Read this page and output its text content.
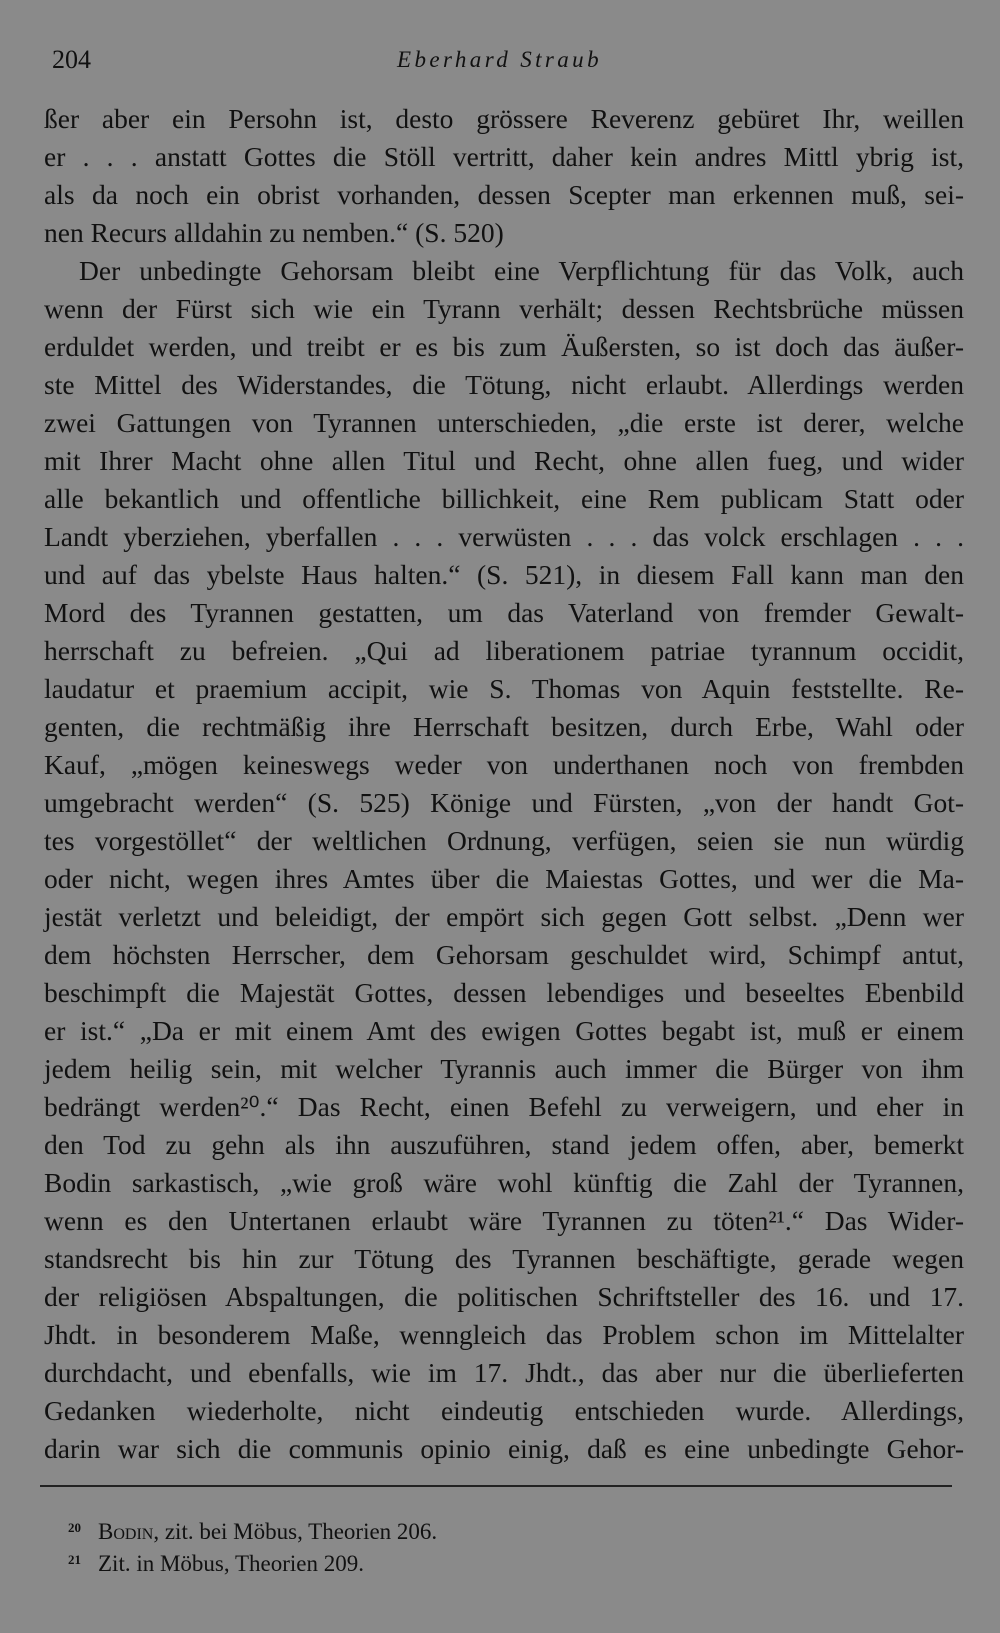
204	Eberhard Straub
ßer aber ein Persohn ist, desto grössere Reverenz gebüret Ihr, weillen
er . . . anstatt Gottes die Stöll vertritt, daher kein andres Mittl ybrig ist,
als da noch ein obrist vorhanden, dessen Scepter man erkennen muß, sei-
nen Recurs alldahin zu nemben.“ (S. 520)
Der unbedingte Gehorsam bleibt eine Verpflichtung für das Volk, auch
wenn der Fürst sich wie ein Tyrann verhält; dessen Rechtsbrüche müssen
erduldet werden, und treibt er es bis zum Äußersten, so ist doch das äußer-
ste Mittel des Widerstandes, die Tötung, nicht erlaubt. Allerdings werden
zwei Gattungen von Tyrannen unterschieden, „die erste ist derer, welche
mit Ihrer Macht ohne allen Titul und Recht, ohne allen fueg, und wider
alle bekantlich und offentliche billichkeit, eine Rem publicam Statt oder
Landt yberziehen, yberfallen . . . verwüsten . . . das volck erschlagen . . .
und auf das ybelste Haus halten.“ (S. 521), in diesem Fall kann man den
Mord des Tyrannen gestatten, um das Vaterland von fremder Gewalt-
herrschaft zu befreien. „Qui ad liberationem patriae tyrannum occidit,
laudatur et praemium accipit, wie S. Thomas von Aquin feststellte. Re-
genten, die rechtmäßig ihre Herrschaft besitzen, durch Erbe, Wahl oder
Kauf, „mögen keineswegs weder von underthanen noch von frembden
umgebracht werden“ (S. 525) Könige und Fürsten, „von der handt Got-
tes vorgestöllet“ der weltlichen Ordnung, verfügen, seien sie nun würdig
oder nicht, wegen ihres Amtes über die Maiestas Gottes, und wer die Ma-
jestät verletzt und beleidigt, der empört sich gegen Gott selbst. „Denn wer
dem höchsten Herrscher, dem Gehorsam geschuldet wird, Schimpf antut,
beschimpft die Majestät Gottes, dessen lebendiges und beseeltes Ebenbild
er ist.“ „Da er mit einem Amt des ewigen Gottes begabt ist, muß er einem
jedem heilig sein, mit welcher Tyrannis auch immer die Bürger von ihm
bedrängt werden²⁰.“ Das Recht, einen Befehl zu verweigern, und eher in
den Tod zu gehn als ihn auszuführen, stand jedem offen, aber, bemerkt
Bodin sarkastisch, „wie groß wäre wohl künftig die Zahl der Tyrannen,
wenn es den Untertanen erlaubt wäre Tyrannen zu töten²¹.“ Das Wider-
standsrecht bis hin zur Tötung des Tyrannen beschäftigte, gerade wegen
der religiösen Abspaltungen, die politischen Schriftsteller des 16. und 17.
Jhdt. in besonderem Maße, wenngleich das Problem schon im Mittelalter
durchdacht, und ebenfalls, wie im 17. Jhdt., das aber nur die überlieferten
Gedanken wiederholte, nicht eindeutig entschieden wurde. Allerdings,
darin war sich die communis opinio einig, daß es eine unbedingte Gehor-
20 Bodin, zit. bei Möbus, Theorien 206.
21 Zit. in Möbus, Theorien 209.
